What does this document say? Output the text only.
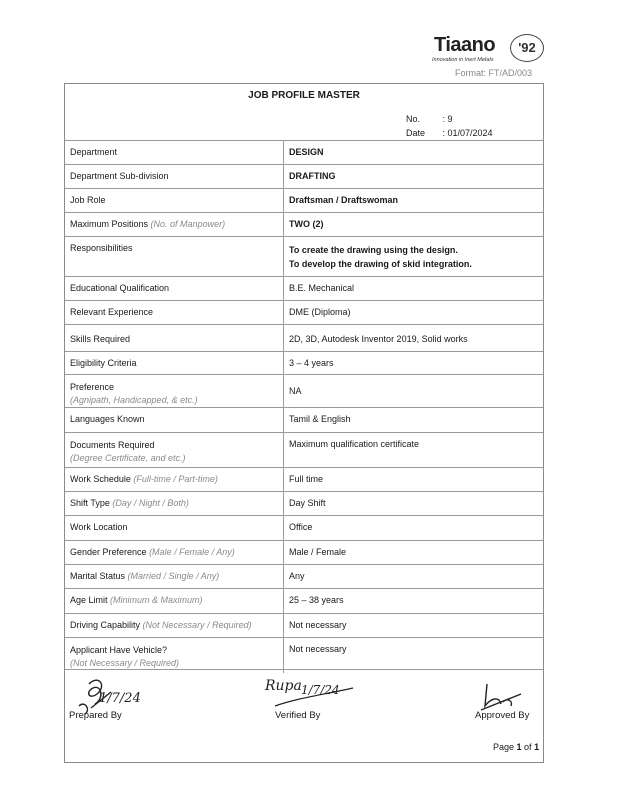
Tiaano
Innovation in Inert Metals
'92
Format: FT/AD/003
JOB PROFILE MASTER
No.	: 9
Date : 01/07/2024
Department	DESIGN
Department Sub-division	DRAFTING
Job Role	Draftsman / Draftswoman
Maximum Positions (No. of Manpower)	TWO (2)
Responsibilities	To create the drawing using the design.
To develop the drawing of skid integration.

Educational Qualification	B.E. Mechanical
Relevant Experience	DME (Diploma)
Skills Required	2D, 3D, Autodesk Inventor 2019, Solid works
Eligibility Criteria	3 – 4 years

Preference
(Agnipath, Handicapped, & etc.)	NA
Languages Known	Tamil & English

Documents Required
(Degree Certificate, and etc.)	Maximum qualification certificate
Work Schedule (Full-time / Part-time)	Full time
Shift Type (Day / Night / Both)	Day Shift
Work Location	Office
Gender Preference (Male / Female / Any)	Male / Female
Marital Status (Married / Single / Any)	Any
Age Limit (Minimum & Maximum)	25 – 38 years
Driving Capability (Not Necessary / Required)	Not necessary

Applicant Have Vehicle?
(Not Necessary / Required)	Not necessary
1/7/24
Rupa 1/7/24
Prepared By	Verified By	Approved By
Page 1 of 1
